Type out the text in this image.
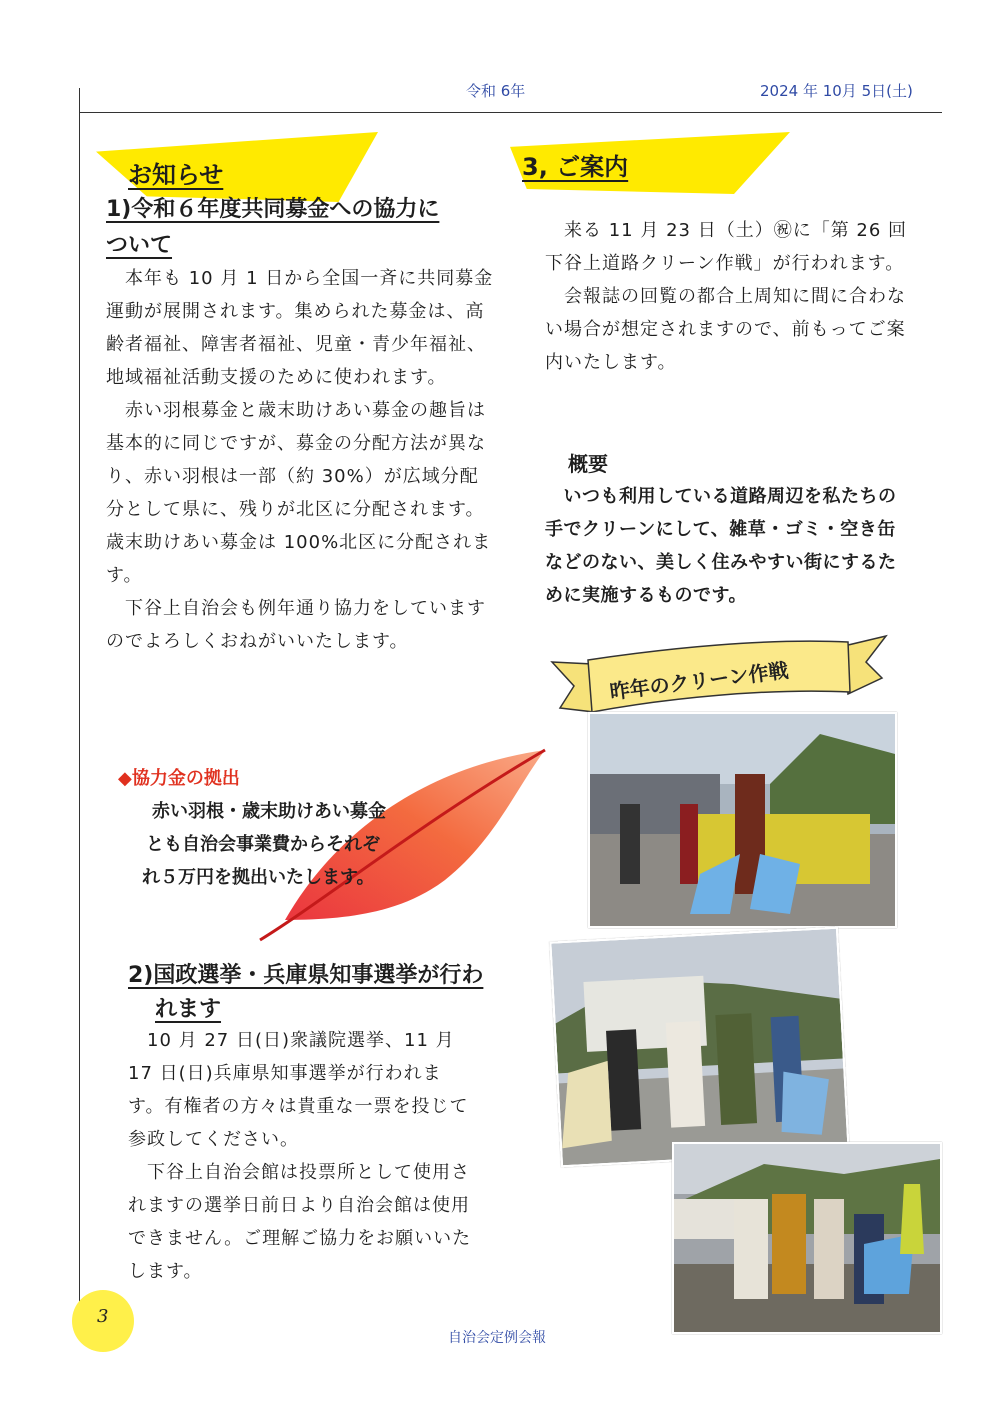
令和 6年	2024 年 10月 5日(土)
お知らせ
1)令和６年度共同募金への協力に
ついて

　本年も 10 月 1 日から全国一斉に共同募金運動が展開されます。集められた募金は、高齢者福祉、障害者福祉、児童・青少年福祉、地域福祉活動支援のために使われます。

　赤い羽根募金と歳末助けあい募金の趣旨は基本的に同じですが、募金の分配方法が異なり、赤い羽根は一部（約 30%）が広域分配分として県に、残りが北区に分配されます。歳末助けあい募金は 100%北区に分配されます。

　下谷上自治会も例年通り協力をしていますのでよろしくおねがいいたします。

◆協力金の拠出
赤い羽根・歳末助けあい募金
とも自治会事業費からそれぞ
れ５万円を拠出いたします。
2)国政選挙・兵庫県知事選挙が行わ
れます

　10 月 27 日(日)衆議院選挙、11 月 17 日(日)兵庫県知事選挙が行われます。有権者の方々は貴重な一票を投じて参政してください。

　下谷上自治会館は投票所として使用されますの選挙日前日より自治会館は使用できません。ご理解ご協力をお願いいたします。

3, ご案内

　来る 11 月 23 日（土）㊗に「第 26 回下谷上道路クリーン作戦」が行われます。

　会報誌の回覧の都合上周知に間に合わない場合が想定されますので、前もってご案内いたします。

概要
　いつも利用している道路周辺を私たちの手でクリーンにして、雑草・ゴミ・空き缶などのない、美しく住みやすい街にするために実施するものです。
昨年のクリーン作戦
3
自治会定例会報
